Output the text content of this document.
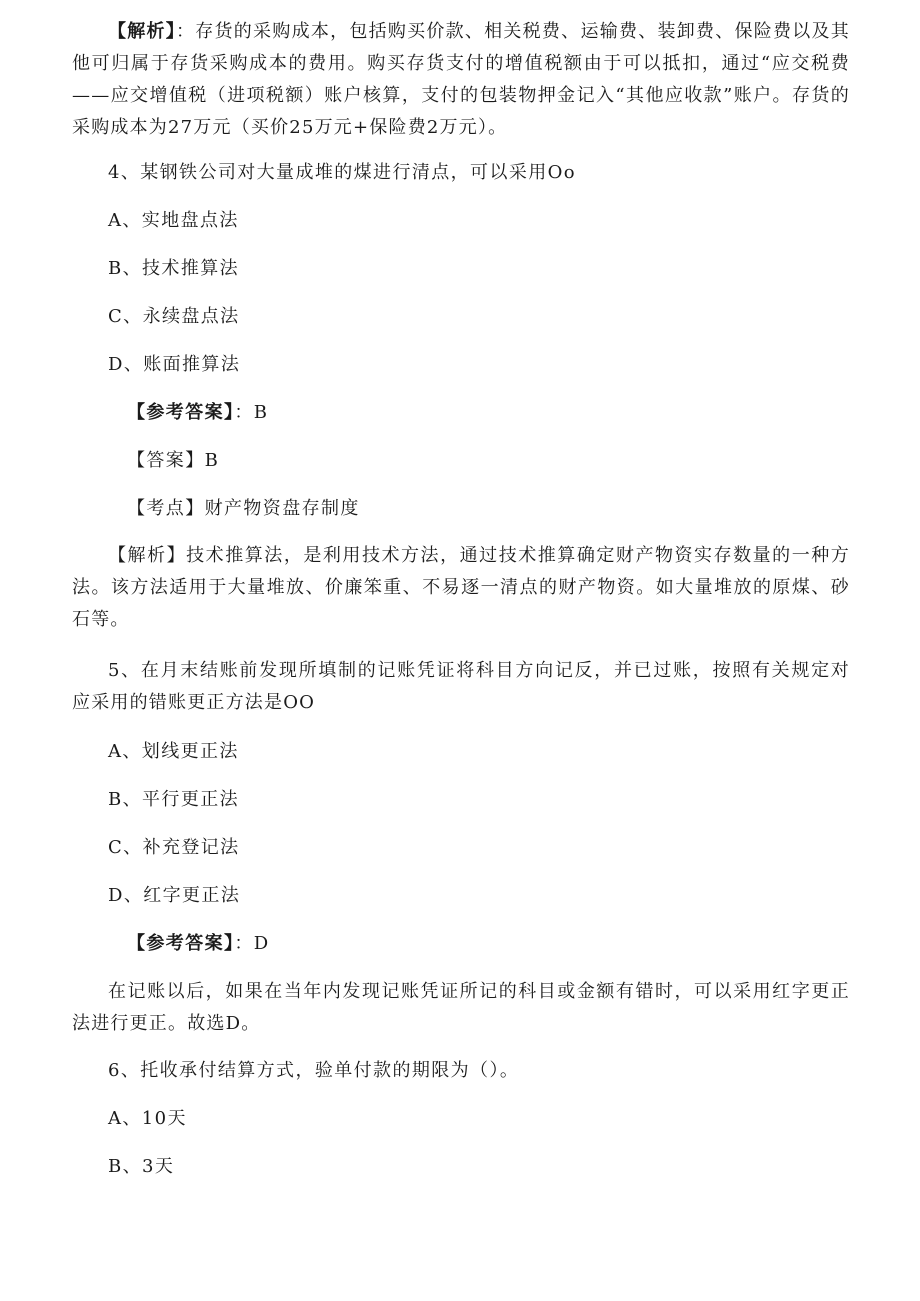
【解析】：存货的采购成本，包括购买价款、相关税费、运输费、装卸费、保险费以及其他可归属于存货采购成本的费用。购买存货支付的增值税额由于可以抵扣，通过“应交税费——应交增值税（进项税额）账户核算，支付的包装物押金记入“其他应收款”账户。存货的采购成本为27万元（买价25万元+保险费2万元）。

4、某钢铁公司对大量成堆的煤进行清点，可以采用Oo

A、实地盘点法

B、技术推算法

C、永续盘点法

D、账面推算法

【参考答案】：B

【答案】B

【考点】财产物资盘存制度

【解析】技术推算法，是利用技术方法，通过技术推算确定财产物资实存数量的一种方法。该方法适用于大量堆放、价廉笨重、不易逐一清点的财产物资。如大量堆放的原煤、砂石等。

5、在月末结账前发现所填制的记账凭证将科目方向记反，并已过账，按照有关规定对应采用的错账更正方法是OO

A、划线更正法

B、平行更正法

C、补充登记法

D、红字更正法

【参考答案】：D

在记账以后，如果在当年内发现记账凭证所记的科目或金额有错时，可以采用红字更正法进行更正。故选D。

6、托收承付结算方式，验单付款的期限为（）。

A、10天

B、3天
